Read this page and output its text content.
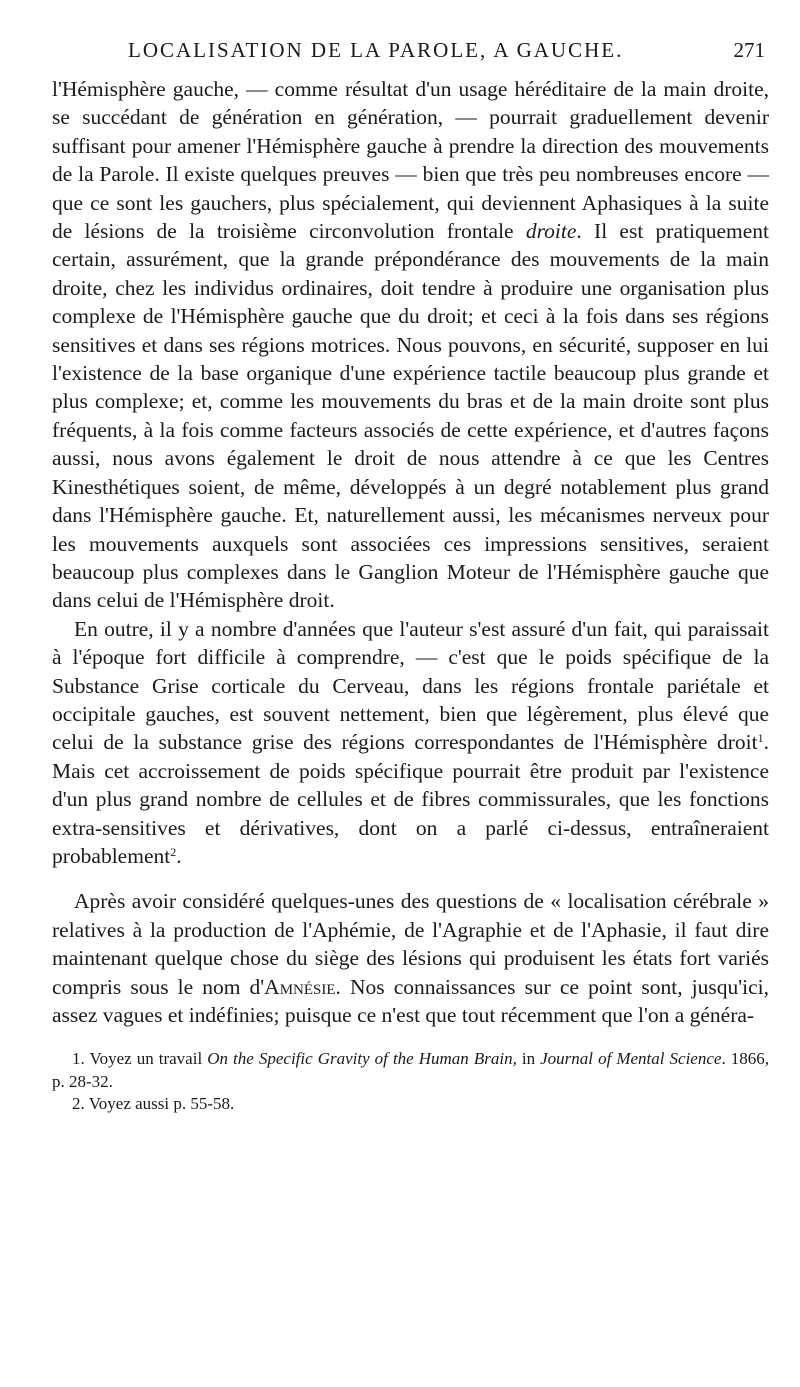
LOCALISATION DE LA PAROLE, A GAUCHE.	271

l'Hémisphère gauche, — comme résultat d'un usage héréditaire de la main droite, se succédant de génération en génération, — pourrait graduellement devenir suffisant pour amener l'Hémisphère gauche à prendre la direction des mouvements de la Parole. Il existe quelques preuves — bien que très peu nombreuses encore — que ce sont les gauchers, plus spécialement, qui deviennent Aphasiques à la suite de lésions de la troisième circonvolution frontale droite. Il est pratiquement certain, assurément, que la grande prépondérance des mouvements de la main droite, chez les individus ordinaires, doit tendre à produire une organisation plus complexe de l'Hémisphère gauche que du droit; et ceci à la fois dans ses régions sensitives et dans ses régions motrices. Nous pouvons, en sécurité, supposer en lui l'existence de la base organique d'une expérience tactile beaucoup plus grande et plus complexe; et, comme les mouvements du bras et de la main droite sont plus fréquents, à la fois comme facteurs associés de cette expérience, et d'autres façons aussi, nous avons également le droit de nous attendre à ce que les Centres Kinesthétiques soient, de même, développés à un degré notablement plus grand dans l'Hémisphère gauche. Et, naturellement aussi, les mécanismes nerveux pour les mouvements auxquels sont associées ces impressions sensitives, seraient beaucoup plus complexes dans le Ganglion Moteur de l'Hémisphère gauche que dans celui de l'Hémisphère droit.

En outre, il y a nombre d'années que l'auteur s'est assuré d'un fait, qui paraissait à l'époque fort difficile à comprendre, — c'est que le poids spécifique de la Substance Grise corticale du Cerveau, dans les régions frontale pariétale et occipitale gauches, est souvent nettement, bien que légèrement, plus élevé que celui de la substance grise des régions correspondantes de l'Hémisphère droit$^1$. Mais cet accroissement de poids spécifique pourrait être produit par l'existence d'un plus grand nombre de cellules et de fibres commissurales, que les fonctions extra-sensitives et dérivatives, dont on a parlé ci-dessus, entraîneraient probablement$^2$.

Après avoir considéré quelques-unes des questions de « localisation cérébrale » relatives à la production de l'Aphémie, de l'Agraphie et de l'Aphasie, il faut dire maintenant quelque chose du siège des lésions qui produisent les états fort variés compris sous le nom d'Amnésie. Nos connaissances sur ce point sont, jusqu'ici, assez vagues et indéfinies; puisque ce n'est que tout récemment que l'on a généra-

1. Voyez un travail On the Specific Gravity of the Human Brain, in Journal of Mental Science. 1866, p. 28-32.

2. Voyez aussi p. 55-58.
